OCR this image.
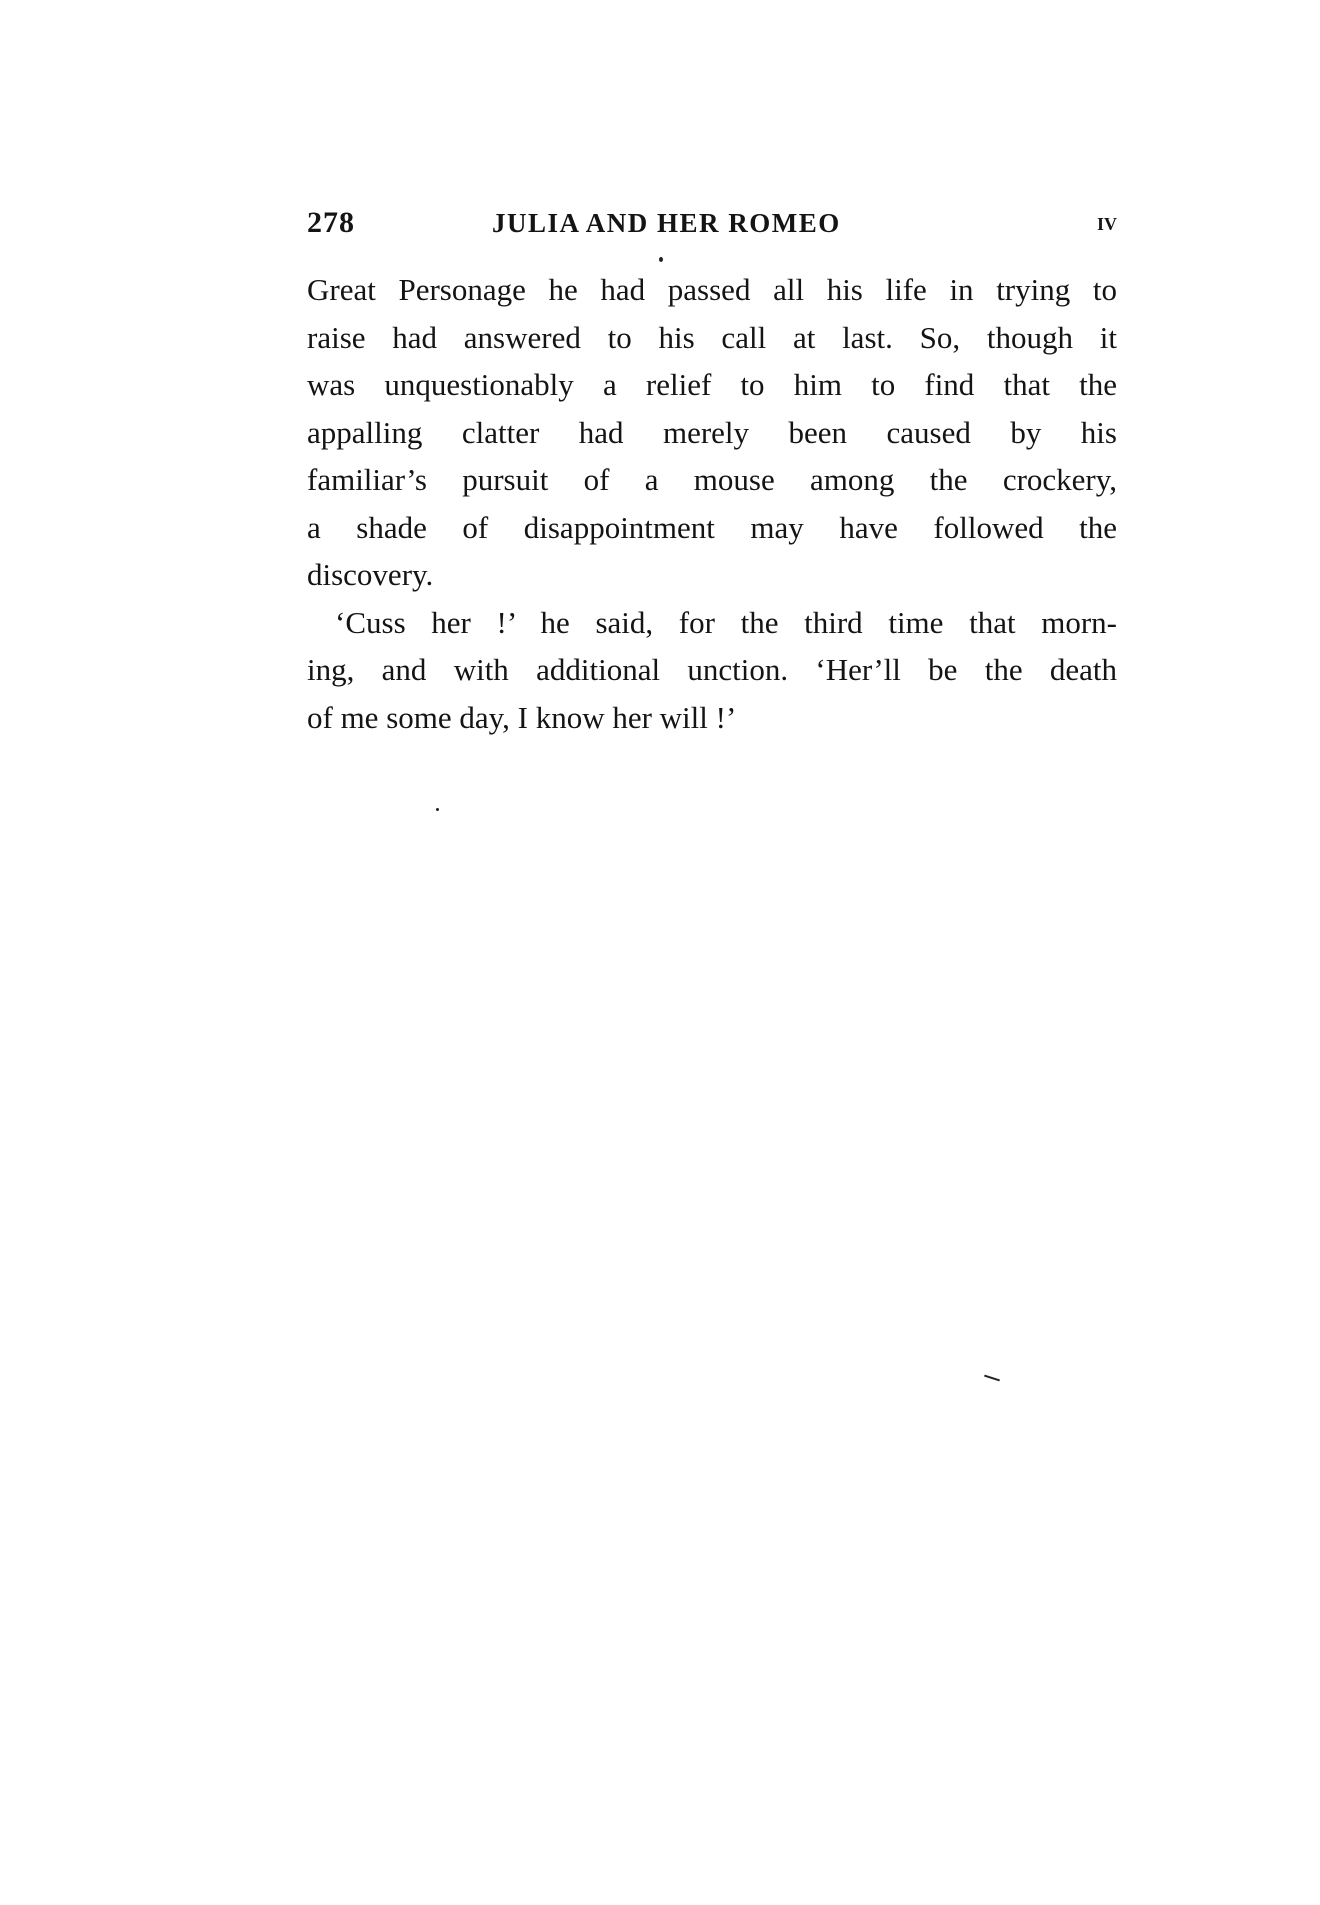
278	JULIA AND HER ROMEO	IV
Great Personage he had passed all his life in trying to
raise had answered to his call at last. So, though it
was unquestionably a relief to him to find that the
appalling clatter had merely been caused by his
familiar’s pursuit of a mouse among the crockery,
a shade of disappointment may have followed the
discovery.
‘Cuss her !’ he said, for the third time that morn-
ing, and with additional unction. ‘Her’ll be the death
of me some day, I know her will !’
